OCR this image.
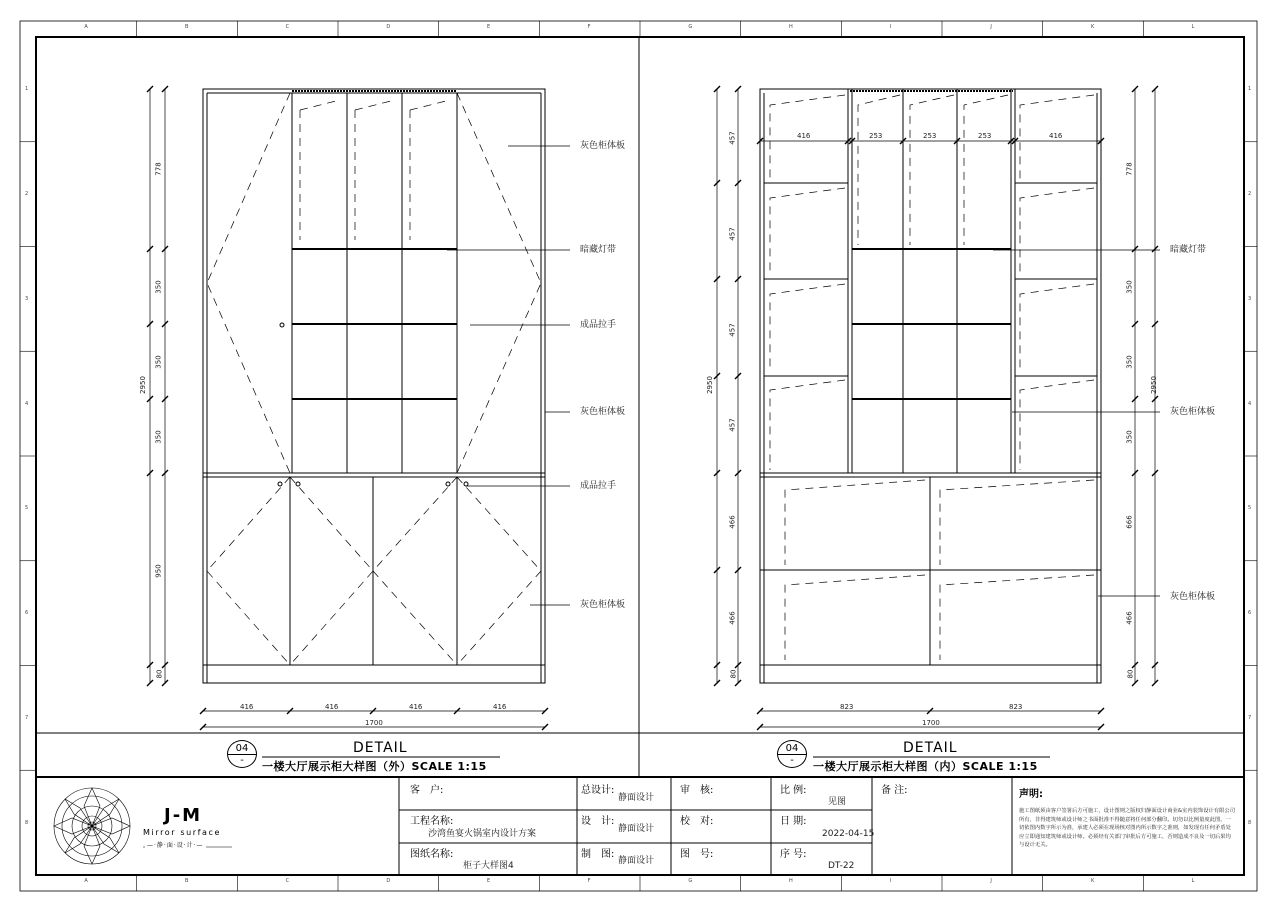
A
A
B
B
C
C
D
D
E
E
F
F
G
G
H
H
I
I
J
J
K
K
L
L
1	1
2	2
3	3
4	4
5	5
6	6
7	7
8	8
灰色柜体板
暗藏灯带
成品拉手
灰色柜体板
成品拉手
灰色柜体板
778
350
350
350
950
80
2950
416	416	416	416
1700
04
-
DETAIL
一楼大厅展示柜大样图（外）SCALE 1:15
暗藏灯带
灰色柜体板
灰色柜体板
457
457
457
457
466
466
80
2950
778
350
350
350
666
466
80
2950
416	253	253	253	416
823	823
1700
04
-
DETAIL
一楼大厅展示柜大样图（内）SCALE 1:15
J-M
Mirror surface
—·静·面·设·计·—
客　户:
工程名称:
沙湾鱼宴火锅室内设计方案
图纸名称:
柜子大样图4
总设计:
静面设计
设　计:
静面设计
制　图:
静面设计
审　核:
校　对:
图　号:
比 例:
见图
日 期:
2022-04-15
序 号:
DT-22
备 注:	声明:
施工图纸须由客户签署后方可施工，设计图则之版权归静面设计商业&室内装饰设计有限公司
所有，非得建筑师或设计师之书面批准不得随意将任何部分翻印。切勿以比例量度此图，一
切依图内数字所示为准，承建人必须在现场核对图内所示数字之准则，如发现有任何矛盾处
应立即通知建筑师或设计师。必须经有关部门审批后方可施工，否则造成不良及一切后果均
与设计无关。
